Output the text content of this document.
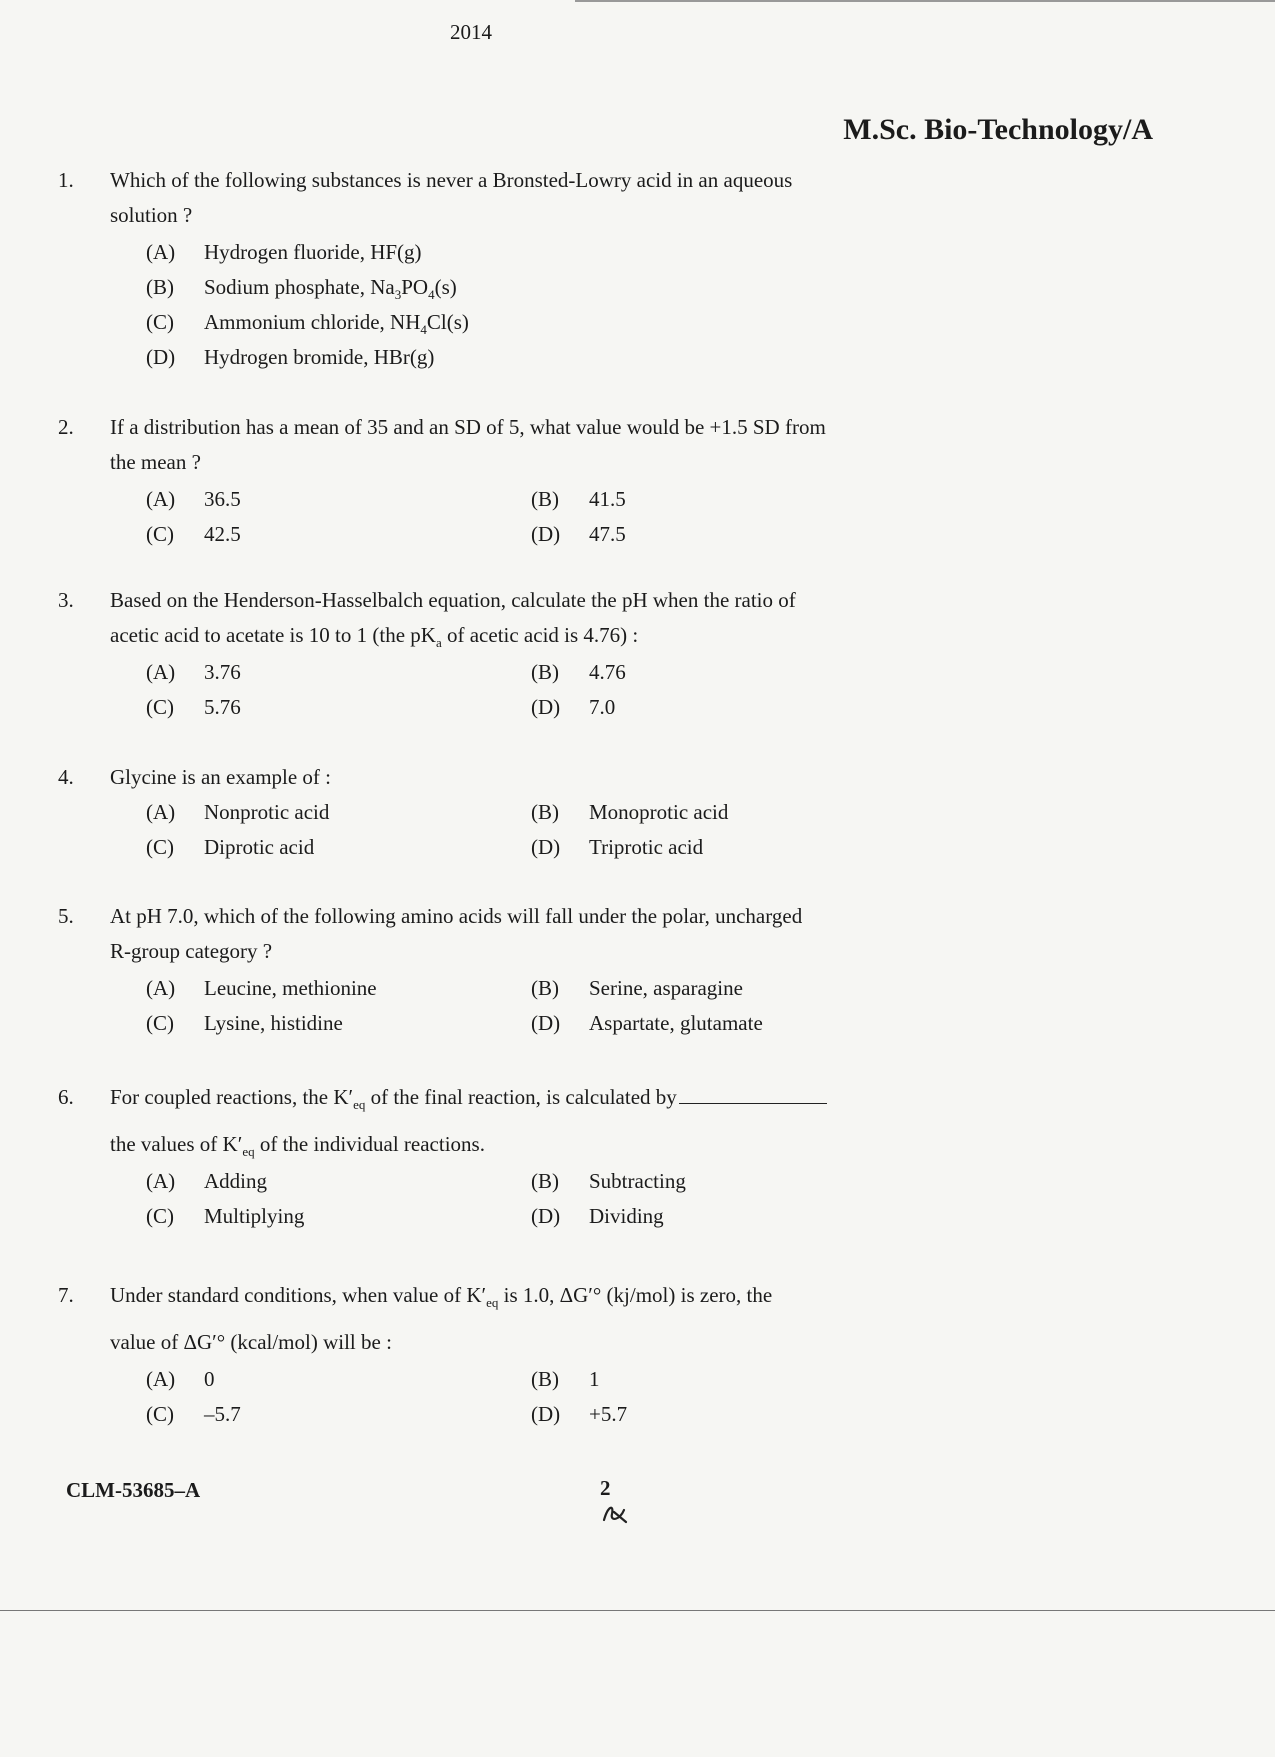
2014
M.Sc. Bio-Technology/A
1.	Which of the following substances is never a Bronsted-Lowry acid in an aqueous
solution ?
(A)	Hydrogen fluoride, HF(g)
(B)	Sodium phosphate, $Na_3PO_4(s)$
(C)	Ammonium chloride, $NH_4Cl(s)$
(D)	Hydrogen bromide, HBr(g)
2.	If a distribution has a mean of 35 and an SD of 5, what value would be +1.5 SD from
the mean ?
(A)	36.5	(B)	41.5
(C)	42.5	(D)	47.5
3.	Based on the Henderson-Hasselbalch equation, calculate the pH when the ratio of
acetic acid to acetate is 10 to 1 (the $pK_a$ of acetic acid is 4.76) :
(A)	3.76	(B)	4.76
(C)	5.76	(D)	7.0
4.	Glycine is an example of :
(A)	Nonprotic acid	(B)	Monoprotic acid
(C)	Diprotic acid	(D)	Triprotic acid
5.	At pH 7.0, which of the following amino acids will fall under the polar, uncharged
R-group category ?
(A)	Leucine, methionine	(B)	Serine, asparagine
(C)	Lysine, histidine	(D)	Aspartate, glutamate
6.	For coupled reactions, the $K'_{eq}$ of the final reaction, is calculated by
the values of $K'_{eq}$ of the individual reactions.
(A)	Adding	(B)	Subtracting
(C)	Multiplying	(D)	Dividing
7.	Under standard conditions, when value of $K'_{eq}$ is 1.0, ΔG′° (kj/mol) is zero, the
value of ΔG′° (kcal/mol) will be :
(A)	0	(B)	1
(C)	–5.7	(D)	+5.7
CLM-53685–A	2
